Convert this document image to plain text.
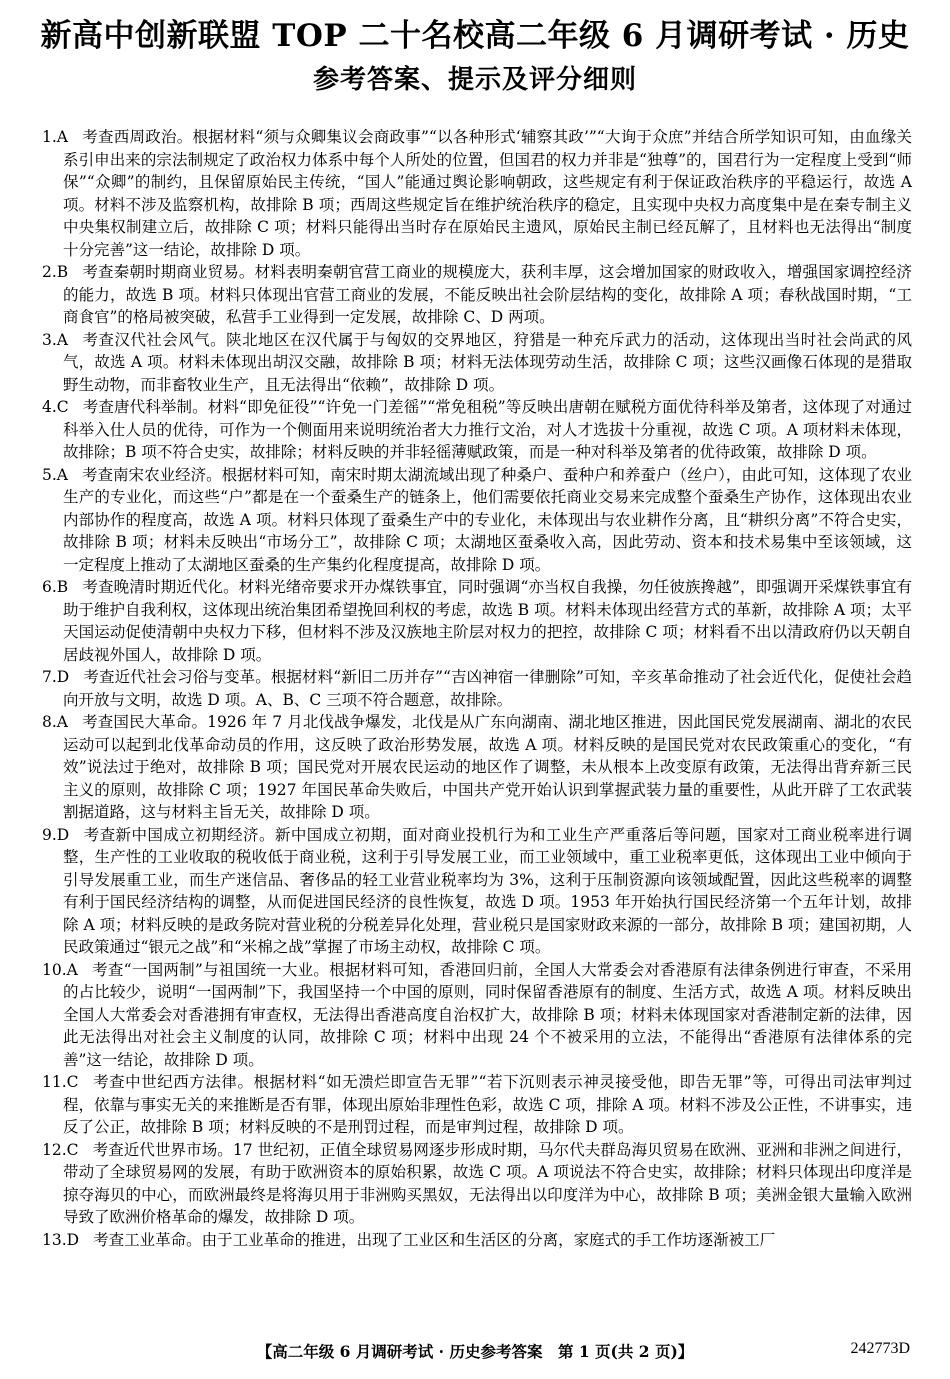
新高中创新联盟 TOP 二十名校高二年级 6 月调研考试 · 历史
参考答案、提示及评分细则

1.A 考查西周政治。根据材料“须与众卿集议会商政事”“以各种形式‘辅察其政’”“大询于众庶”并结合所学知识可知，由血缘关系引申出来的宗法制规定了政治权力体系中每个人所处的位置，但国君的权力并非是“独尊”的，国君行为一定程度上受到“师保”“众卿”的制约，且保留原始民主传统，“国人”能通过舆论影响朝政，这些规定有利于保证政治秩序的平稳运行，故选 A 项。材料不涉及监察机构，故排除 B 项；西周这些规定旨在维护统治秩序的稳定，且实现中央权力高度集中是在秦专制主义中央集权制建立后，故排除 C 项；材料只能得出当时存在原始民主遗风，原始民主制已经瓦解了，且材料也无法得出“制度十分完善”这一结论，故排除 D 项。

2.B 考查秦朝时期商业贸易。材料表明秦朝官营工商业的规模庞大，获利丰厚，这会增加国家的财政收入，增强国家调控经济的能力，故选 B 项。材料只体现出官营工商业的发展，不能反映出社会阶层结构的变化，故排除 A 项；春秋战国时期，“工商食官”的格局被突破，私营手工业得到一定发展，故排除 C、D 两项。

3.A 考查汉代社会风气。陕北地区在汉代属于与匈奴的交界地区，狩猎是一种充斥武力的活动，这体现出当时社会尚武的风气，故选 A 项。材料未体现出胡汉交融，故排除 B 项；材料无法体现劳动生活，故排除 C 项；这些汉画像石体现的是猎取野生动物，而非畜牧业生产，且无法得出“依赖”，故排除 D 项。

4.C 考查唐代科举制。材料“即免征役”“许免一门差徭”“常免租税”等反映出唐朝在赋税方面优待科举及第者，这体现了对通过科举入仕人员的优待，可作为一个侧面用来说明统治者大力推行文治，对人才选拔十分重视，故选 C 项。A 项材料未体现，故排除；B 项不符合史实，故排除；材料反映的并非轻徭薄赋政策，而是一种对科举及第者的优待政策，故排除 D 项。

5.A 考查南宋农业经济。根据材料可知，南宋时期太湖流域出现了种桑户、蚕种户和养蚕户（丝户），由此可知，这体现了农业生产的专业化，而这些“户”都是在一个蚕桑生产的链条上，他们需要依托商业交易来完成整个蚕桑生产协作，这体现出农业内部协作的程度高，故选 A 项。材料只体现了蚕桑生产中的专业化，未体现出与农业耕作分离，且“耕织分离”不符合史实，故排除 B 项；材料未反映出“市场分工”，故排除 C 项；太湖地区蚕桑收入高，因此劳动、资本和技术易集中至该领域，这一定程度上推动了太湖地区蚕桑的生产集约化程度提高，故排除 D 项。

6.B 考查晚清时期近代化。材料光绪帝要求开办煤铁事宜，同时强调“亦当权自我操，勿任彼族搀越”，即强调开采煤铁事宜有助于维护自我利权，这体现出统治集团希望挽回利权的考虑，故选 B 项。材料未体现出经营方式的革新，故排除 A 项；太平天国运动促使清朝中央权力下移，但材料不涉及汉族地主阶层对权力的把控，故排除 C 项；材料看不出以清政府仍以天朝自居歧视外国人，故排除 D 项。

7.D 考查近代社会习俗与变革。根据材料“新旧二历并存”“吉凶神宿一律删除”可知，辛亥革命推动了社会近代化，促使社会趋向开放与文明，故选 D 项。A、B、C 三项不符合题意，故排除。

8.A 考查国民大革命。1926 年 7 月北伐战争爆发，北伐是从广东向湖南、湖北地区推进，因此国民党发展湖南、湖北的农民运动可以起到北伐革命动员的作用，这反映了政治形势发展，故选 A 项。材料反映的是国民党对农民政策重心的变化，“有效”说法过于绝对，故排除 B 项；国民党对开展农民运动的地区作了调整，未从根本上改变原有政策，无法得出背弃新三民主义的原则，故排除 C 项；1927 年国民革命失败后，中国共产党开始认识到掌握武装力量的重要性，从此开辟了工农武装割据道路，这与材料主旨无关，故排除 D 项。

9.D 考查新中国成立初期经济。新中国成立初期，面对商业投机行为和工业生产严重落后等问题，国家对工商业税率进行调整，生产性的工业收取的税收低于商业税，这利于引导发展工业，而工业领域中，重工业税率更低，这体现出工业中倾向于引导发展重工业，而生产迷信品、奢侈品的轻工业营业税率均为 3%，这利于压制资源向该领域配置，因此这些税率的调整有利于国民经济结构的调整，从而促进国民经济的良性恢复，故选 D 项。1953 年开始执行国民经济第一个五年计划，故排除 A 项；材料反映的是政务院对营业税的分税差异化处理，营业税只是国家财政来源的一部分，故排除 B 项；建国初期，人民政策通过“银元之战”和“米棉之战”掌握了市场主动权，故排除 C 项。

10.A 考查“一国两制”与祖国统一大业。根据材料可知，香港回归前，全国人大常委会对香港原有法律条例进行审查，不采用的占比较少，说明“一国两制”下，我国坚持一个中国的原则，同时保留香港原有的制度、生活方式，故选 A 项。材料反映出全国人大常委会对香港拥有审查权，无法得出香港高度自治权扩大，故排除 B 项；材料未体现国家对香港制定新的法律，因此无法得出对社会主义制度的认同，故排除 C 项；材料中出现 24 个不被采用的立法，不能得出“香港原有法律体系的完善”这一结论，故排除 D 项。

11.C 考查中世纪西方法律。根据材料“如无溃烂即宣告无罪”“若下沉则表示神灵接受他，即告无罪”等，可得出司法审判过程，依靠与事实无关的来推断是否有罪，体现出原始非理性色彩，故选 C 项，排除 A 项。材料不涉及公正性，不讲事实，违反了公正，故排除 B 项；材料反映的不是刑罚过程，而是审判过程，故排除 D 项。

12.C 考查近代世界市场。17 世纪初，正值全球贸易网逐步形成时期，马尔代夫群岛海贝贸易在欧洲、亚洲和非洲之间进行，带动了全球贸易网的发展，有助于欧洲资本的原始积累，故选 C 项。A 项说法不符合史实，故排除；材料只体现出印度洋是掠夺海贝的中心，而欧洲最终是将海贝用于非洲购买黑奴，无法得出以印度洋为中心，故排除 B 项；美洲金银大量输入欧洲导致了欧洲价格革命的爆发，故排除 D 项。

13.D 考查工业革命。由于工业革命的推进，出现了工业区和生活区的分离，家庭式的手工作坊逐渐被工厂

【高二年级 6 月调研考试 · 历史参考答案　第 1 页(共 2 页)】	242773D
